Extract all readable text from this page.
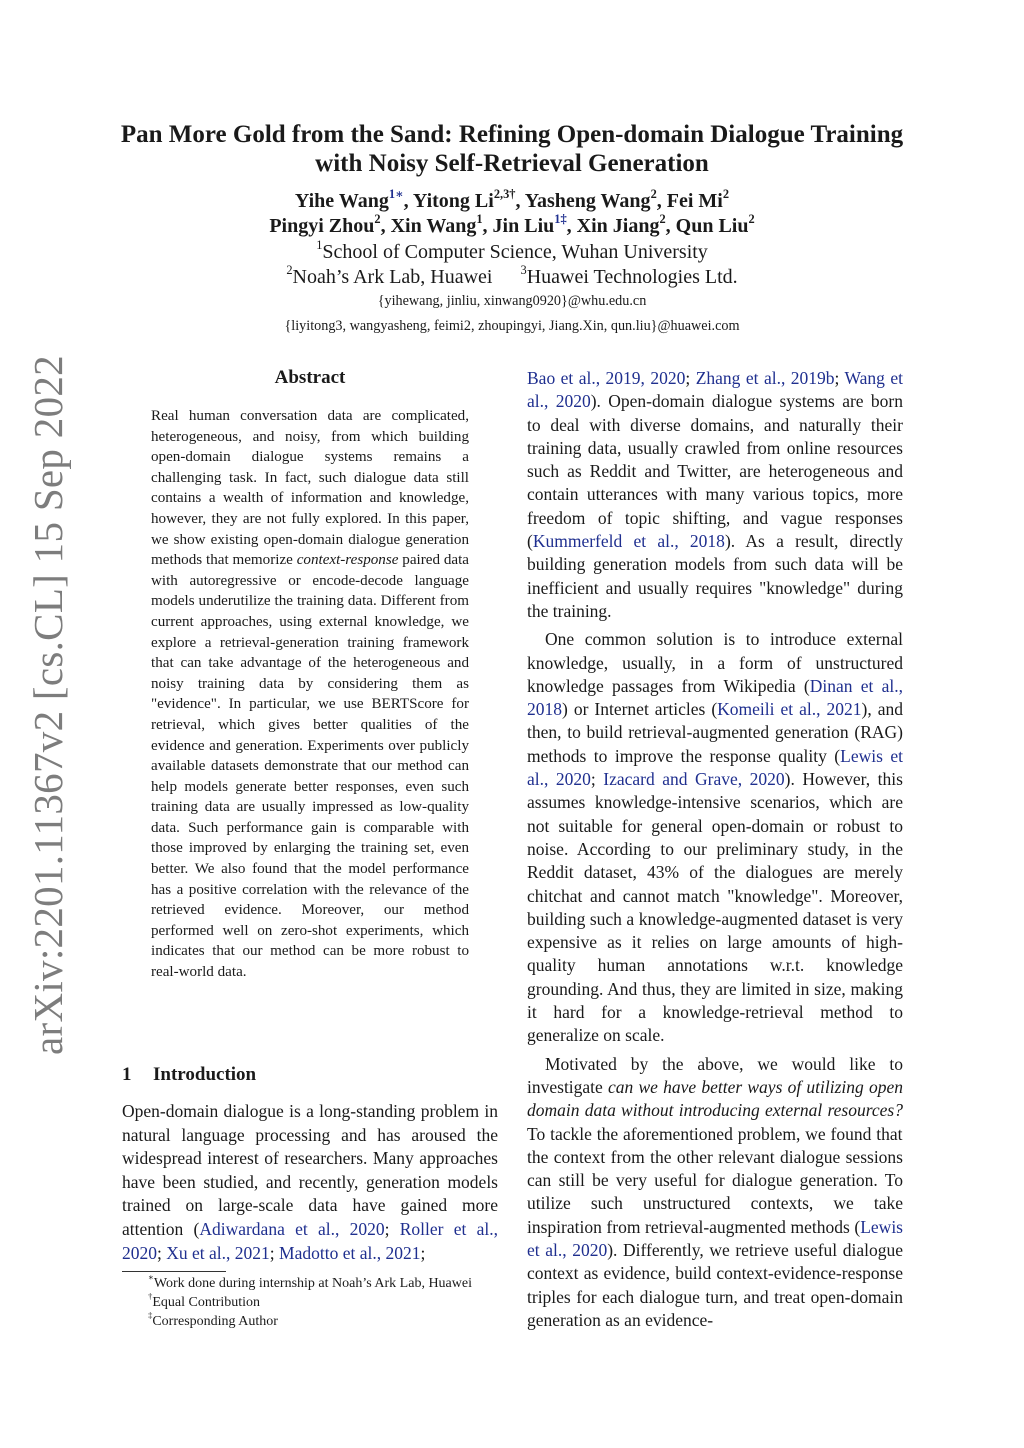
arXiv:2201.11367v2 [cs.CL] 15 Sep 2022
Pan More Gold from the Sand: Refining Open-domain Dialogue Training with Noisy Self-Retrieval Generation
Yihe Wang$^{1∗}$, Yitong $Li^{2,3\dagger}$, Yasheng Wang$^2$, Fei Mi$^2$
Pingyi Zhou$^2$, Xin Wang$^1$, Jin Liu$^{1\ddagger}$, Xin Jiang$^2$, Qun Liu$^2$
$^1$School of Computer Science, Wuhan University
$^2$Noah’s Ark Lab, Huawei $^3$Huawei Technologies Ltd.
{yihewang, jinliu, xinwang0920}@whu.edu.cn
{liyitong3, wangyasheng, feimi2, zhoupingyi, Jiang.Xin, qun.liu}@huawei.com
Abstract
Real human conversation data are complicated, heterogeneous, and noisy, from which building open-domain dialogue systems remains a challenging task. In fact, such dialogue data still contains a wealth of information and knowledge, however, they are not fully explored. In this paper, we show existing open-domain dialogue generation methods that memorize context-response paired data with autoregressive or encode-decode language models underutilize the training data. Different from current approaches, using external knowledge, we explore a retrieval-generation training framework that can take advantage of the heterogeneous and noisy training data by considering them as "evidence". In particular, we use BERTScore for retrieval, which gives better qualities of the evidence and generation. Experiments over publicly available datasets demonstrate that our method can help models generate better responses, even such training data are usually impressed as low-quality data. Such performance gain is comparable with those improved by enlarging the training set, even better. We also found that the model performance has a positive correlation with the relevance of the retrieved evidence. Moreover, our method performed well on zero-shot experiments, which indicates that our method can be more robust to real-world data.
1 Introduction
Open-domain dialogue is a long-standing problem in natural language processing and has aroused the widespread interest of researchers. Many approaches have been studied, and recently, generation models trained on large-scale data have gained more attention (Adiwardana et al., 2020; Roller et al., 2020; Xu et al., 2021; Madotto et al., 2021;
∗Work done during internship at Noah’s Ark Lab, Huawei
†Equal Contribution
‡Corresponding Author

Bao et al., 2019, 2020; Zhang et al., 2019b; Wang et al., 2020). Open-domain dialogue systems are born to deal with diverse domains, and naturally their training data, usually crawled from online resources such as Reddit and Twitter, are heterogeneous and contain utterances with many various topics, more freedom of topic shifting, and vague responses (Kummerfeld et al., 2018). As a result, directly building generation models from such data will be inefficient and usually requires "knowledge" during the training.

One common solution is to introduce external knowledge, usually, in a form of unstructured knowledge passages from Wikipedia (Dinan et al., 2018) or Internet articles (Komeili et al., 2021), and then, to build retrieval-augmented generation (RAG) methods to improve the response quality (Lewis et al., 2020; Izacard and Grave, 2020). However, this assumes knowledge-intensive scenarios, which are not suitable for general open-domain or robust to noise. According to our preliminary study, in the Reddit dataset, 43% of the dialogues are merely chitchat and cannot match "knowledge". Moreover, building such a knowledge-augmented dataset is very expensive as it relies on large amounts of high-quality human annotations w.r.t. knowledge grounding. And thus, they are limited in size, making it hard for a knowledge-retrieval method to generalize on scale.

Motivated by the above, we would like to investigate can we have better ways of utilizing open domain data without introducing external resources? To tackle the aforementioned problem, we found that the context from the other relevant dialogue sessions can still be very useful for dialogue generation. To utilize such unstructured contexts, we take inspiration from retrieval-augmented methods (Lewis et al., 2020). Differently, we retrieve useful dialogue context as evidence, build context-evidence-response triples for each dialogue turn, and treat open-domain generation as an evidence-
